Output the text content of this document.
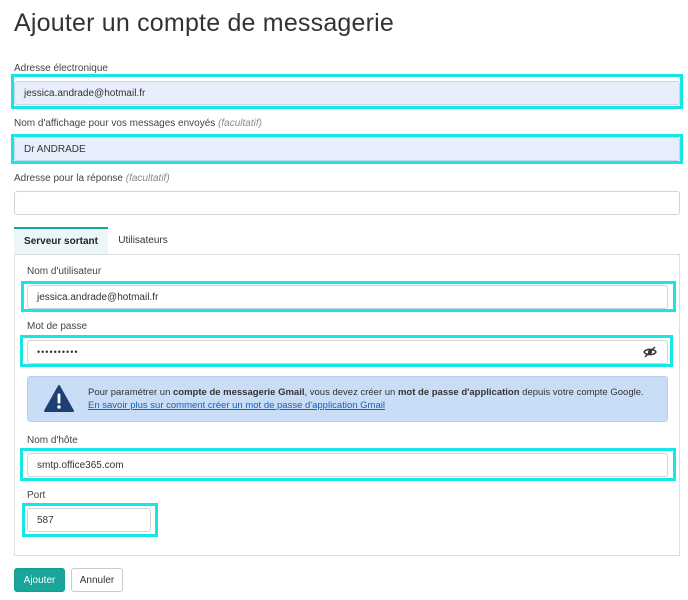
Ajouter un compte de messagerie
Adresse électronique
jessica.andrade@hotmail.fr
Nom d'affichage pour vos messages envoyés (facultatif)
Dr ANDRADE
Adresse pour la réponse (facultatif)
Serveur sortant	Utilisateurs
Nom d'utilisateur
jessica.andrade@hotmail.fr
Mot de passe
••••••••••
Pour paramétrer un compte de messagerie Gmail, vous devez créer un mot de passe d'application depuis votre compte Google.
En savoir plus sur comment créer un mot de passe d'application Gmail
Nom d'hôte
smtp.office365.com
Port
587
Ajouter	Annuler
